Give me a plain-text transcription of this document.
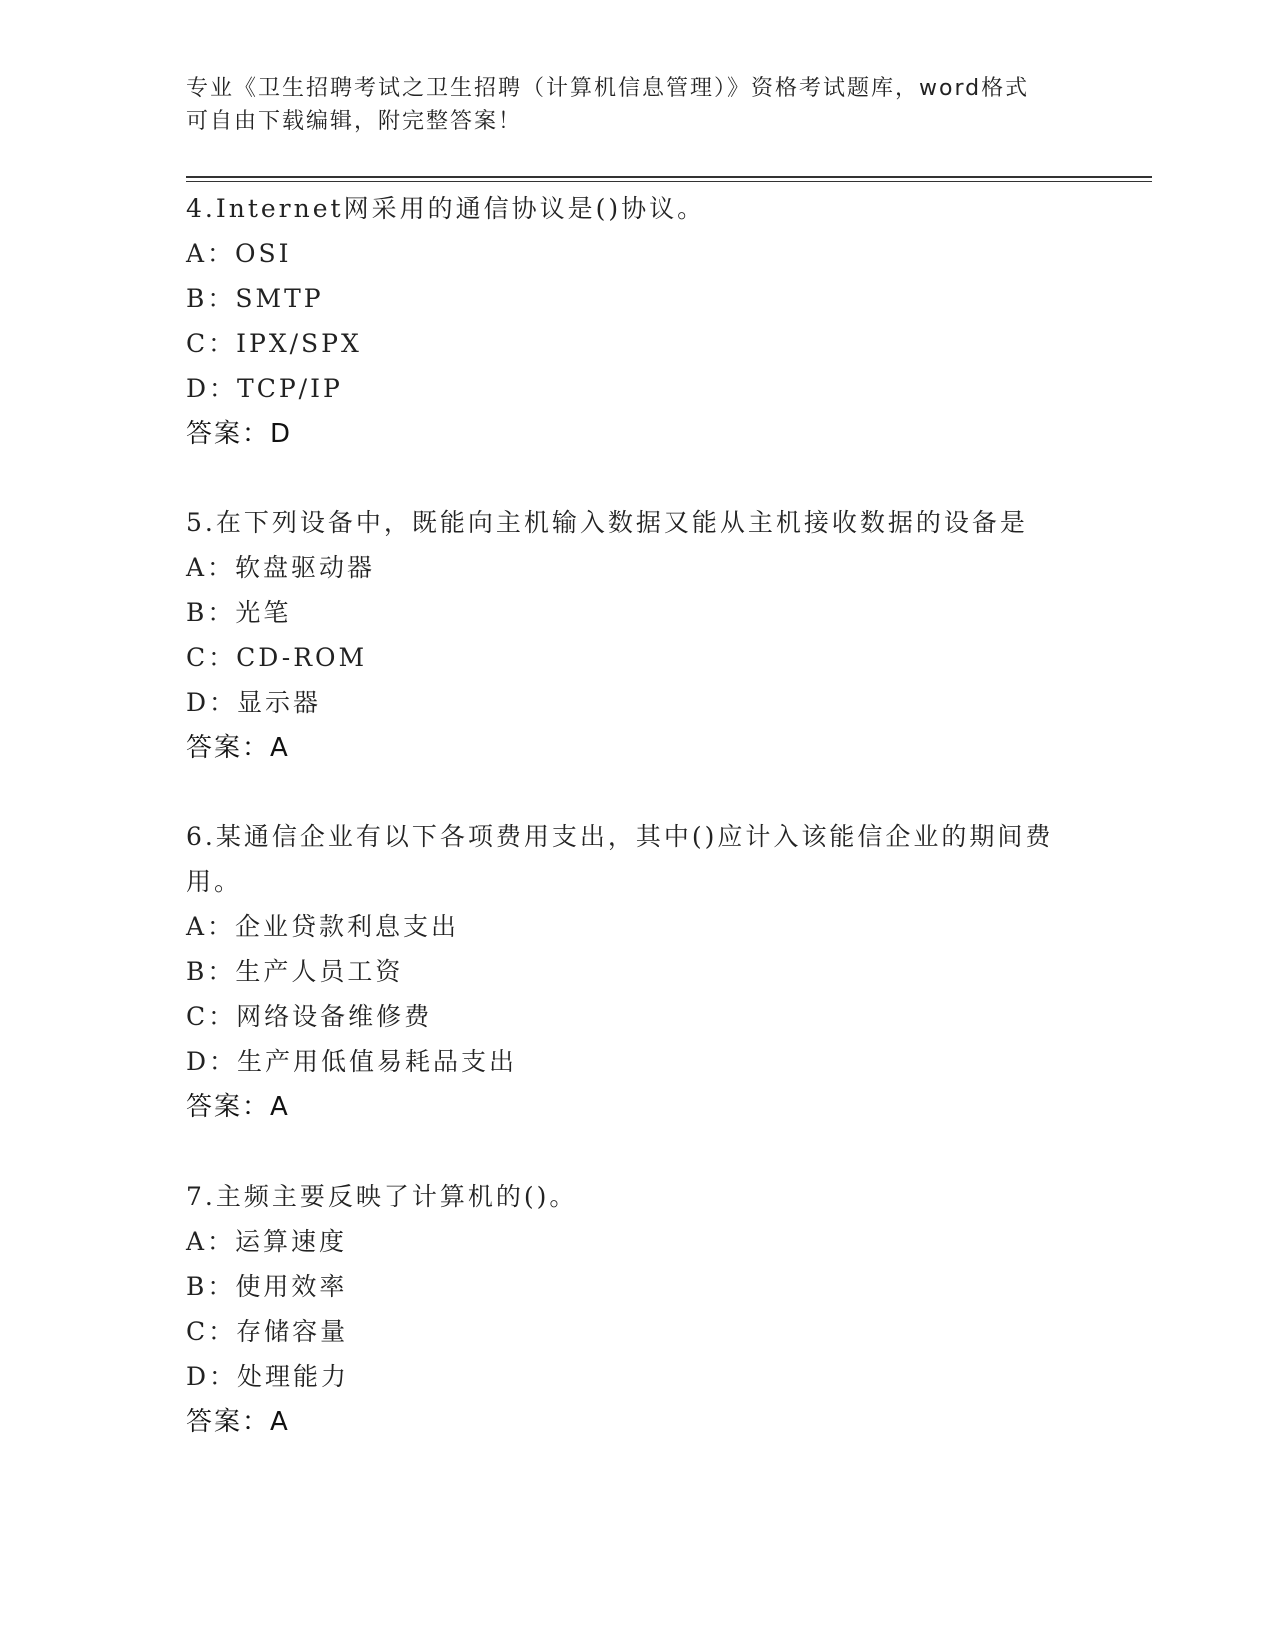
专业《卫生招聘考试之卫生招聘（计算机信息管理）》资格考试题库，word格式
可自由下载编辑，附完整答案！
4.Internet网采用的通信协议是()协议。
A：OSI
B：SMTP
C：IPX/SPX
D：TCP/IP
答案：D
5.在下列设备中，既能向主机输入数据又能从主机接收数据的设备是
A：软盘驱动器
B：光笔
C：CD-ROM
D：显示器
答案：A
6.某通信企业有以下各项费用支出，其中()应计入该能信企业的期间费用。
A：企业贷款利息支出
B：生产人员工资
C：网络设备维修费
D：生产用低值易耗品支出
答案：A
7.主频主要反映了计算机的()。
A：运算速度
B：使用效率
C：存储容量
D：处理能力
答案：A
